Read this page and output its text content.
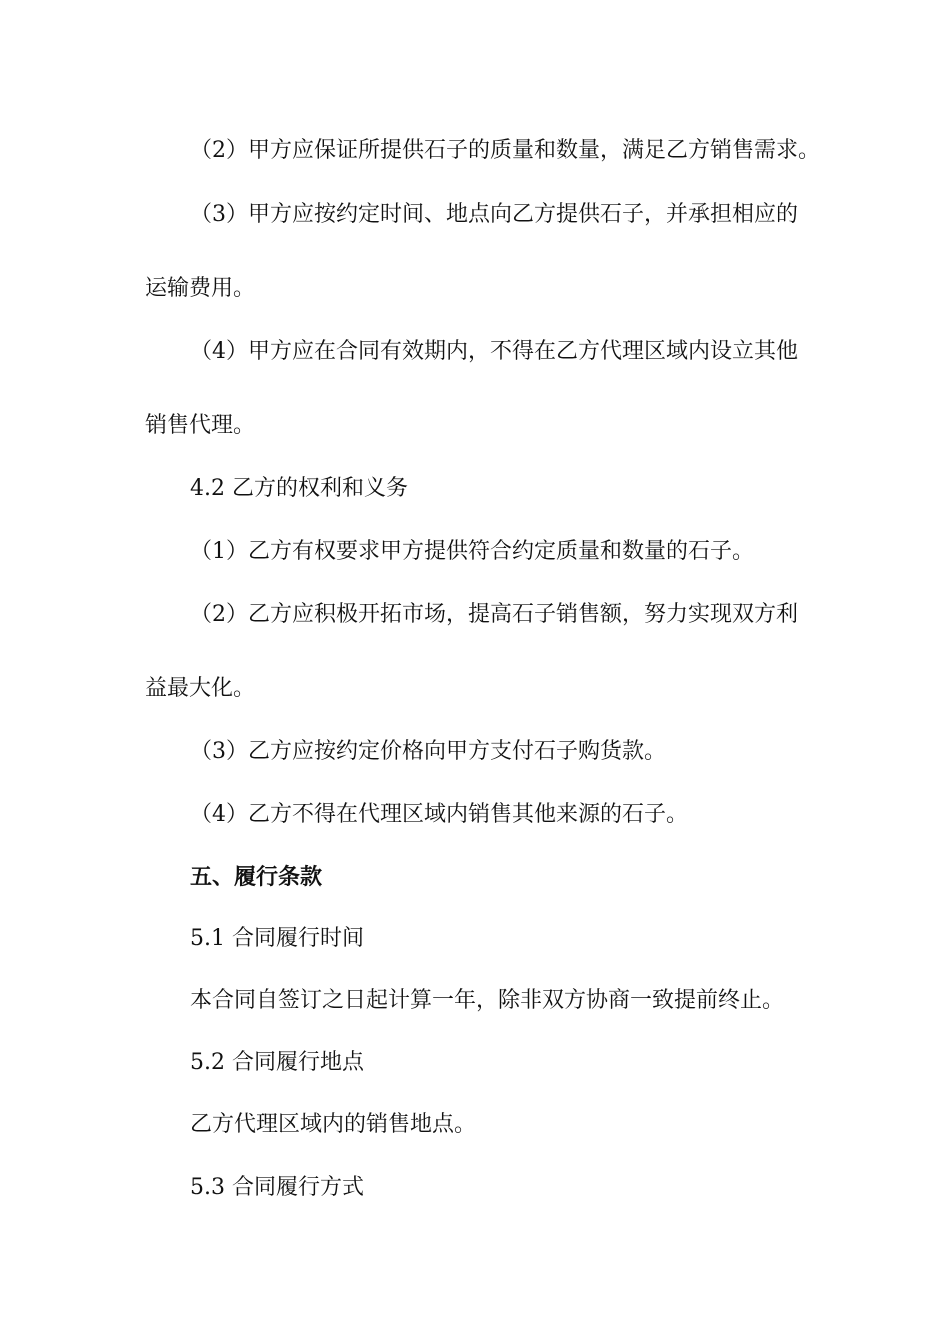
（2）甲方应保证所提供石子的质量和数量，满足乙方销售需求。
（3）甲方应按约定时间、地点向乙方提供石子，并承担相应的
运输费用。
（4）甲方应在合同有效期内，不得在乙方代理区域内设立其他
销售代理。
4.2 乙方的权利和义务
（1）乙方有权要求甲方提供符合约定质量和数量的石子。
（2）乙方应积极开拓市场，提高石子销售额，努力实现双方利
益最大化。
（3）乙方应按约定价格向甲方支付石子购货款。
（4）乙方不得在代理区域内销售其他来源的石子。
五、履行条款
5.1 合同履行时间
本合同自签订之日起计算一年，除非双方协商一致提前终止。
5.2 合同履行地点
乙方代理区域内的销售地点。
5.3 合同履行方式
